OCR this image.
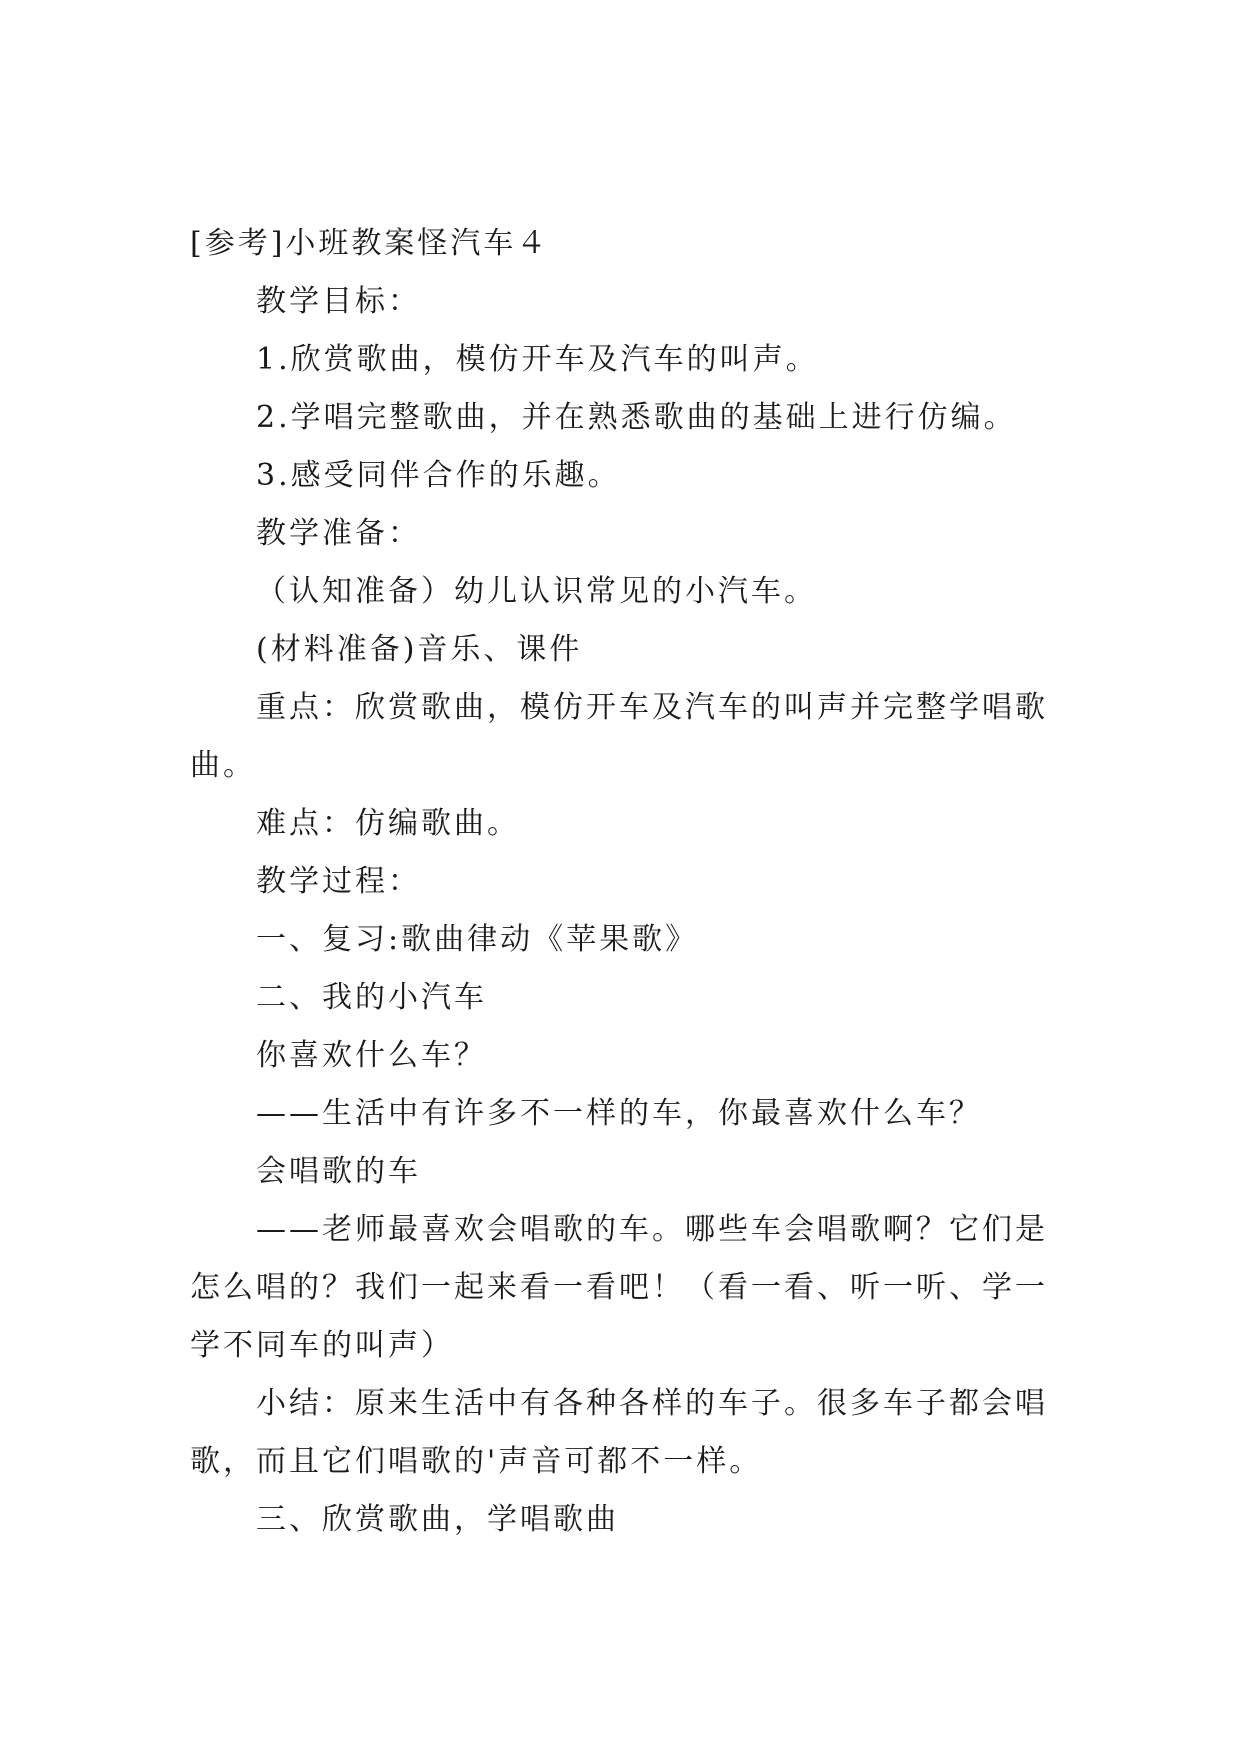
[参考]小班教案怪汽车４
教学目标：
1.欣赏歌曲，模仿开车及汽车的叫声。
2.学唱完整歌曲，并在熟悉歌曲的基础上进行仿编。
3.感受同伴合作的乐趣。
教学准备：
（认知准备）幼儿认识常见的小汽车。
(材料准备)音乐、课件
重点：欣赏歌曲，模仿开车及汽车的叫声并完整学唱歌
曲。
难点：仿编歌曲。
教学过程：
一、复习:歌曲律动《苹果歌》
二、我的小汽车
你喜欢什么车？
——生活中有许多不一样的车，你最喜欢什么车？
会唱歌的车
——老师最喜欢会唱歌的车。哪些车会唱歌啊？它们是
怎么唱的？我们一起来看一看吧！（看一看、听一听、学一
学不同车的叫声）
小结：原来生活中有各种各样的车子。很多车子都会唱
歌，而且它们唱歌的'声音可都不一样。
三、欣赏歌曲，学唱歌曲
